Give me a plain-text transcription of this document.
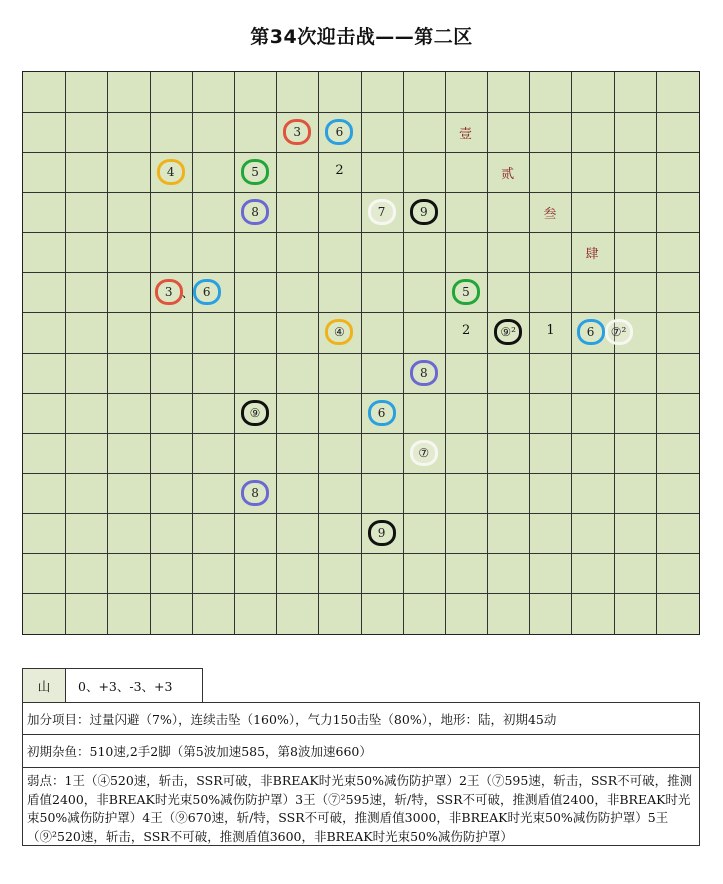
第34次迎击战——第二区
3	6
4	5
8	7	9
5
④	⑨²
8
⑨	6
⑦
8
9
3 、 6
6	⑦²
2
2	1
壹
贰
叁
肆
山	0、+3、-3、+3
加分项目：过量闪避（7%），连续击坠（160%），气力150击坠（80%），地形：陆，初期45动
初期杂鱼：510速,2手2脚（第5波加速585，第8波加速660）
弱点：1王（④520速，斩击，SSR可破，非BREAK时光束50%减伤防护罩）2王（⑦595速，斩击，SSR不可破，推测盾值2400，非BREAK时光束50%减伤防护罩）3王（⑦²595速，斩/特，SSR不可破，推测盾值2400，非BREAK时光束50%减伤防护罩）4王（⑨670速，斩/特，SSR不可破，推测盾值3000，非BREAK时光束50%减伤防护罩）5王（⑨²520速，斩击，SSR不可破，推测盾值3600，非BREAK时光束50%减伤防护罩）
